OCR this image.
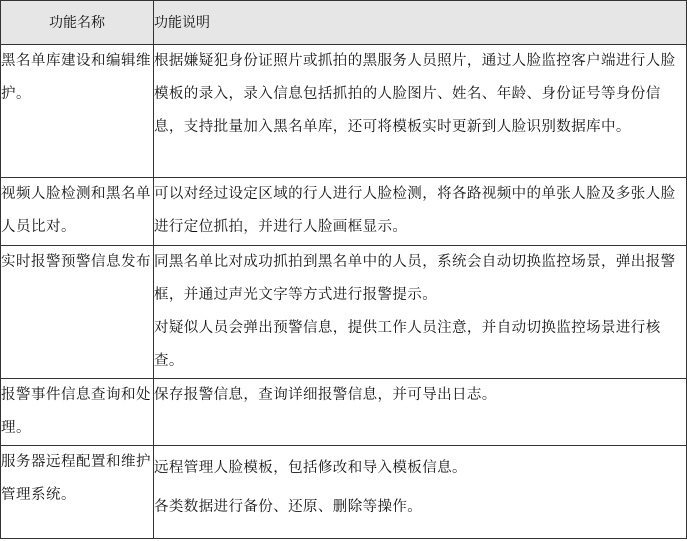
功能名称	功能说明
黑名单库建设和编辑维护。	根据嫌疑犯身份证照片或抓拍的黑服务人员照片，通过人脸监控客户端进行人脸模板的录入，录入信息包括抓拍的人脸图片、姓名、年龄、身份证号等身份信息，支持批量加入黑名单库，还可将模板实时更新到人脸识别数据库中。

视频人脸检测和黑名单人员比对。	可以对经过设定区域的行人进行人脸检测，将各路视频中的单张人脸及多张人脸进行定位抓拍，并进行人脸画框显示。

实时报警预警信息发布	同黑名单比对成功抓拍到黑名单中的人员，系统会自动切换监控场景，弹出报警框，并通过声光文字等方式进行报警提示。

对疑似人员会弹出预警信息，提供工作人员注意，并自动切换监控场景进行核查。

报警事件信息查询和处理。	保存报警信息，查询详细报警信息，并可导出日志。

服务器远程配置和维护管理系统。	远程管理人脸模板，包括修改和导入模板信息。

各类数据进行备份、还原、删除等操作。
